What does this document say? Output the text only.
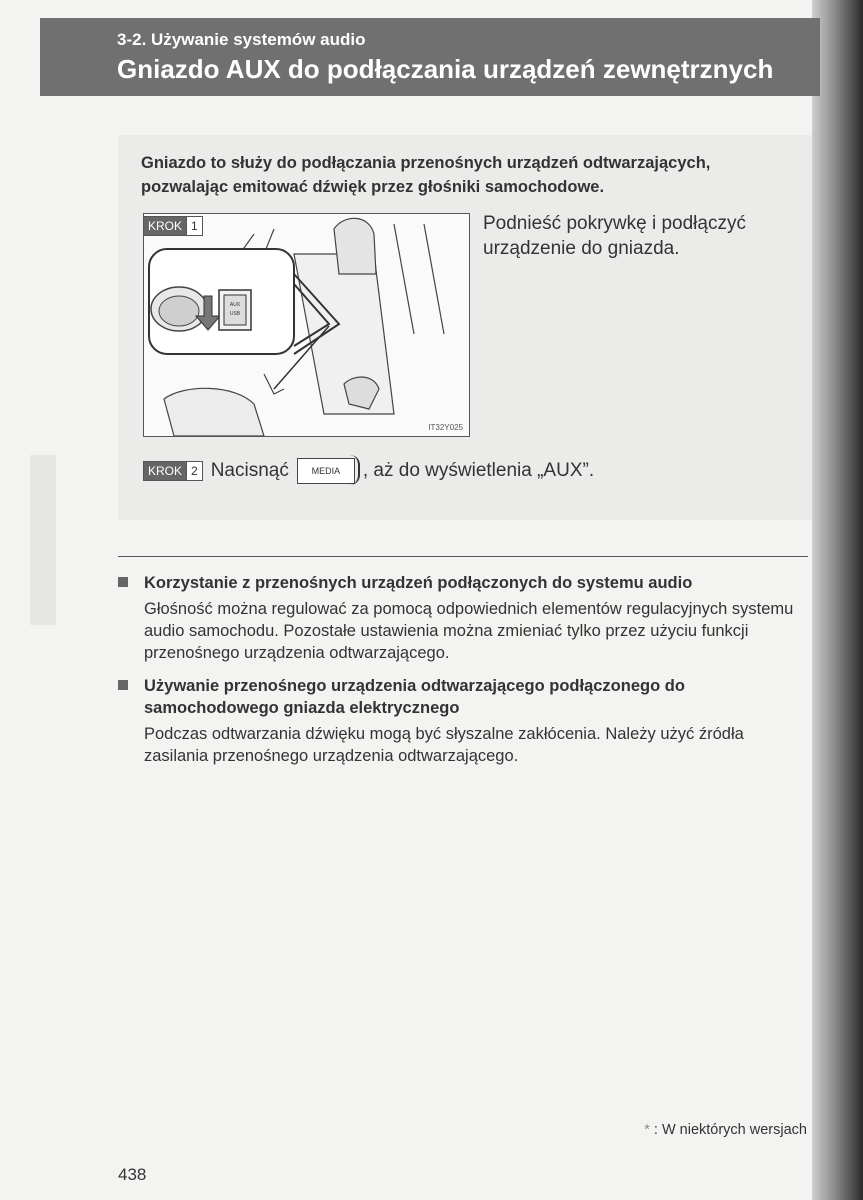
3-2. Używanie systemów audio
Gniazdo AUX do podłączania urządzeń zewnętrznych
Gniazdo to służy do podłączania przenośnych urządzeń odtwarzających, pozwalając emitować dźwięk przez głośniki samochodowe.
AUX
USB
IT32Y025
KROK 1	Podnieść pokrywkę i podłączyć urządzenie do gniazda.
KROK 2 Nacisnąć	MEDIA	, aż do wyświetlenia „AUX”.
Korzystanie z przenośnych urządzeń podłączonych do systemu audio
Głośność można regulować za pomocą odpowiednich elementów regulacyjnych systemu audio samochodu. Pozostałe ustawienia można zmieniać tylko przez użyciu funkcji przenośnego urządzenia odtwarzającego.
Używanie przenośnego urządzenia odtwarzającego podłączonego do samochodowego gniazda elektrycznego
Podczas odtwarzania dźwięku mogą być słyszalne zakłócenia. Należy użyć źródła zasilania przenośnego urządzenia odtwarzającego.
* : W niektórych wersjach
438
